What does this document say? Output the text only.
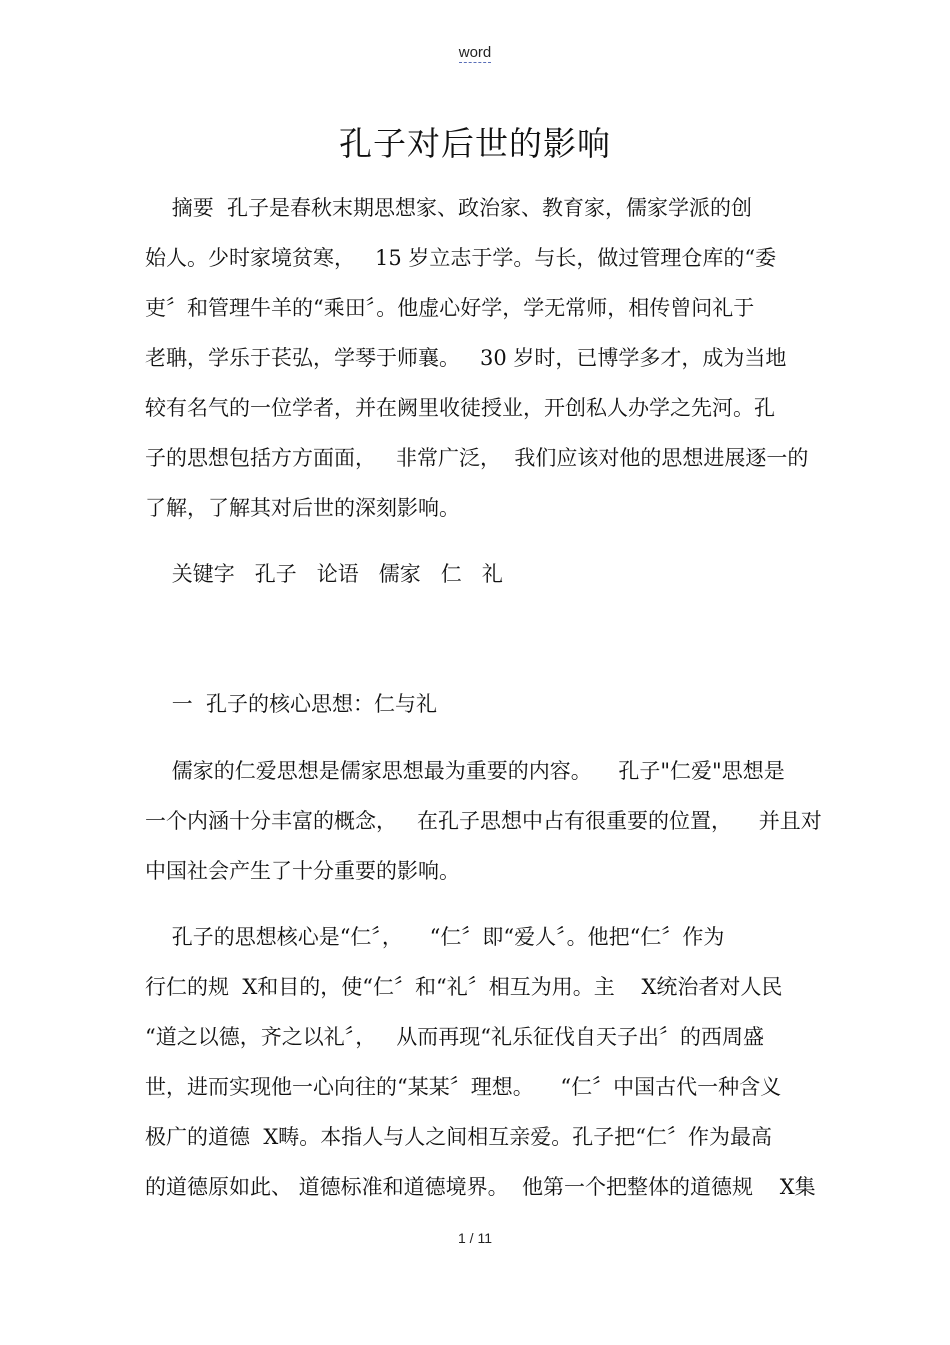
word
孔子对后世的影响
摘要  孔子是春秋末期思想家、政治家、教育家，儒家学派的创
始人。少时家境贫寒，   15 岁立志于学。与长，做过管理仓库的“委
吏〞和管理牛羊的“乘田〞。他虚心好学，学无常师，相传曾问礼于
老聃，学乐于苌弘，学琴于师襄。   30 岁时，已博学多才，成为当地
较有名气的一位学者，并在阙里收徒授业，开创私人办学之先河。孔
子的思想包括方方面面，   非常广泛，  我们应该对他的思想进展逐一的
了解，了解其对后世的深刻影响。
关键字   孔子   论语   儒家   仁   礼
一  孔子的核心思想：仁与礼
儒家的仁爱思想是儒家思想最为重要的内容。    孔子"仁爱"思想是
一个内涵十分丰富的概念，   在孔子思想中占有很重要的位置，    并且对
中国社会产生了十分重要的影响。
孔子的思想核心是“仁〞，    “仁〞即“爱人〞。他把“仁〞作为
行仁的规  X和目的，使“仁〞和“礼〞相互为用。主    X统治者对人民
“道之以德，齐之以礼〞，   从而再现“礼乐征伐自天子出〞的西周盛
世，进而实现他一心向往的“某某〞理想。    “仁〞中国古代一种含义
极广的道德  X畴。本指人与人之间相互亲爱。孔子把“仁〞作为最高
的道德原如此、 道德标准和道德境界。  他第一个把整体的道德规    X集
1 / 11
